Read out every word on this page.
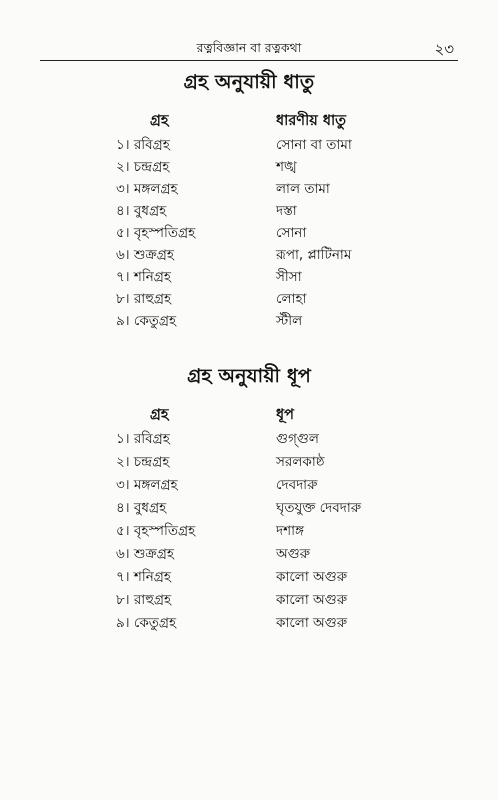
রত্নবিজ্ঞান বা রত্নকথা	২৩
গ্রহ অনুযায়ী ধাতু
গ্রহ	ধারণীয় ধাতু
১। রবিগ্রহ	সোনা বা তামা
২। চন্দ্রগ্রহ	শঙ্খ
৩। মঙ্গলগ্রহ	লাল তামা
৪। বুধগ্রহ	দস্তা
৫। বৃহস্পতিগ্রহ	সোনা
৬। শুক্রগ্রহ	রূপা, প্লাটিনাম
৭। শনিগ্রহ	সীসা
৮। রাহুগ্রহ	লোহা
৯। কেতুগ্রহ	স্টীল
গ্রহ অনুযায়ী ধূপ
গ্রহ	ধূপ
১। রবিগ্রহ	গুগ্গুল
২। চন্দ্রগ্রহ	সরলকাষ্ঠ
৩। মঙ্গলগ্রহ	দেবদারু
৪। বুধগ্রহ	ঘৃতযুক্ত দেবদারু
৫। বৃহস্পতিগ্রহ	দশাঙ্গ
৬। শুক্রগ্রহ	অগুরু
৭। শনিগ্রহ	কালো অগুরু
৮। রাহুগ্রহ	কালো অগুরু
৯। কেতুগ্রহ	কালো অগুরু
